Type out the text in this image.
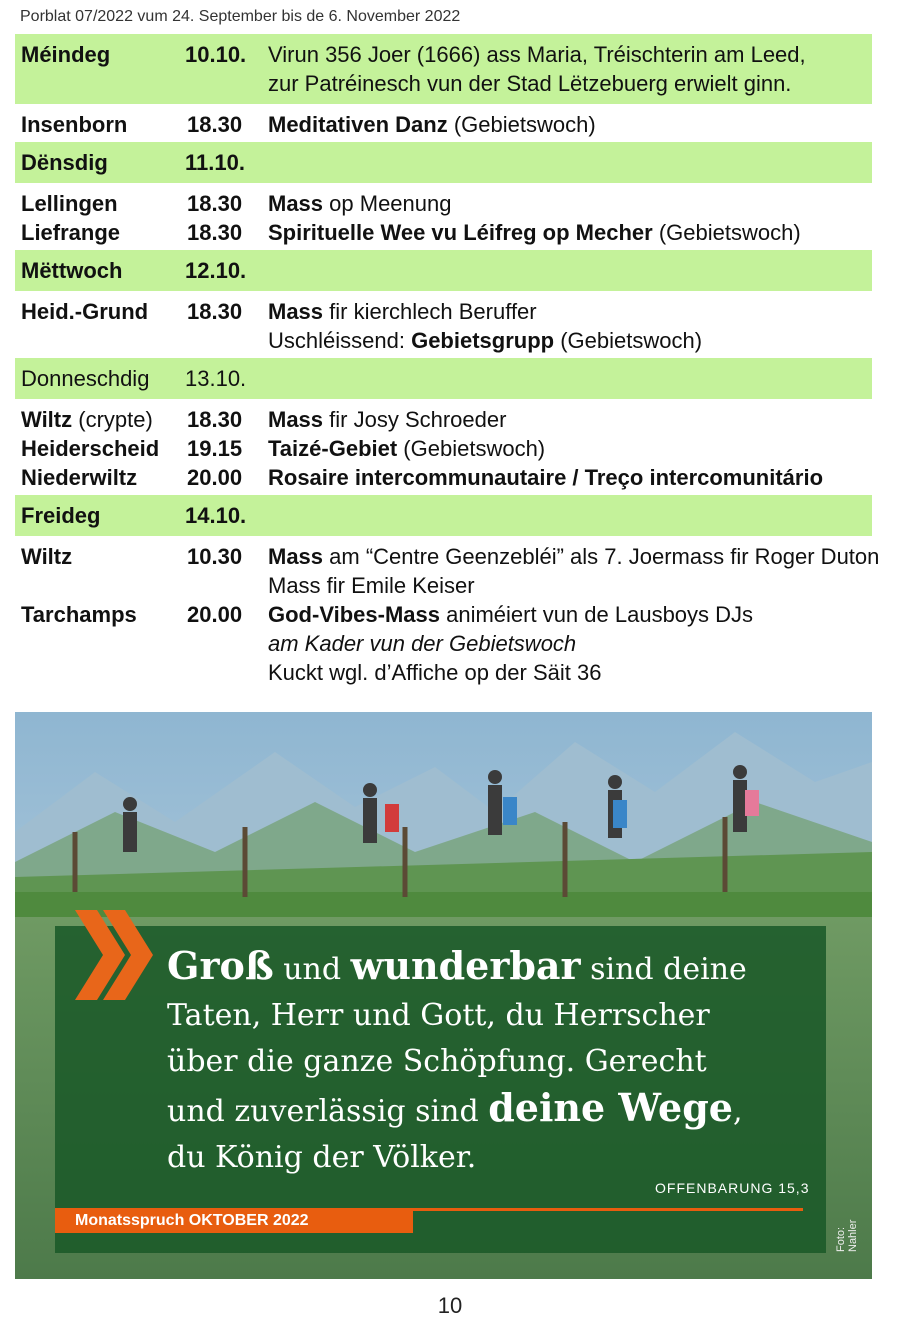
Porblat 07/2022 vum 24. September bis de 6. November 2022
Méindeg	10.10. Virun 356 Joer (1666) ass Maria, Tréischterin am Leed,
zur Patréinesch vun der Stad Lëtzebuerg erwielt ginn.
Insenborn	18.30 Meditativen Danz (Gebietswoch)
Dënsdig	11.10.
Lellingen	18.30 Mass op Meenung
Liefrange	18.30 Spirituelle Wee vu Léifreg op Mecher (Gebietswoch)
Mëttwoch	12.10.
Heid.-Grund 18.30 Mass fir kierchlech Beruffer
Uschléissend: Gebietsgrupp (Gebietswoch)
Donneschdig 13.10.
Wiltz (crypte) 18.30 Mass fir Josy Schroeder
Heiderscheid 19.15 Taizé-Gebiet (Gebietswoch)
Niederwiltz 20.00 Rosaire intercommunautaire / Treço intercomunitário
Freideg	14.10.
Wiltz	10.30 Mass am “Centre Geenzebléi” als 7. Joermass fir Roger Duton
Mass fir Emile Keiser
Tarchamps 20.00 God-Vibes-Mass animéiert vun de Lausboys DJs
am Kader vun der Gebietswoch
Kuckt wgl. d’Affiche op der Säit 36
Groß und wunderbar sind deine
Taten, Herr und Gott, du Herrscher
über die ganze Schöpfung. Gerecht
und zuverlässig sind deine Wege,
du König der Völker.
OFFENBARUNG 15,3
Monatsspruch OKTOBER 2022
Foto: Nahler
10
